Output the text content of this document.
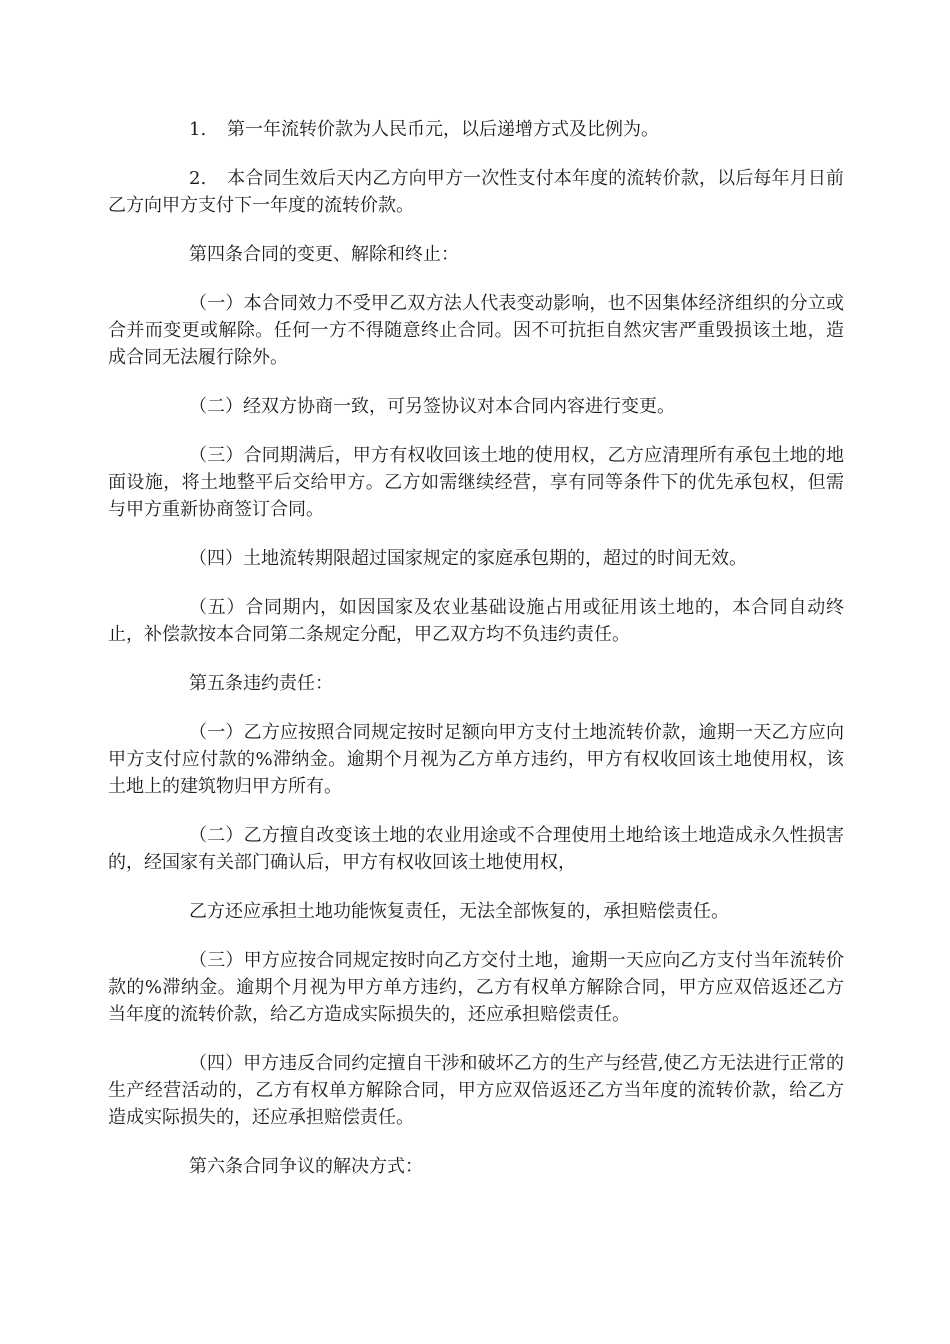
1. 第一年流转价款为人民币元，以后递增方式及比例为。

2. 本合同生效后天内乙方向甲方一次性支付本年度的流转价款，以后每年月日前乙方向甲方支付下一年度的流转价款。

第四条合同的变更、解除和终止：

（一）本合同效力不受甲乙双方法人代表变动影响，也不因集体经济组织的分立或合并而变更或解除。任何一方不得随意终止合同。因不可抗拒自然灾害严重毁损该土地，造成合同无法履行除外。

（二）经双方协商一致，可另签协议对本合同内容进行变更。

（三）合同期满后，甲方有权收回该土地的使用权，乙方应清理所有承包土地的地面设施，将土地整平后交给甲方。乙方如需继续经营，享有同等条件下的优先承包权，但需与甲方重新协商签订合同。

（四）土地流转期限超过国家规定的家庭承包期的，超过的时间无效。

（五）合同期内，如因国家及农业基础设施占用或征用该土地的，本合同自动终止，补偿款按本合同第二条规定分配，甲乙双方均不负违约责任。

第五条违约责任：

（一）乙方应按照合同规定按时足额向甲方支付土地流转价款，逾期一天乙方应向甲方支付应付款的%滞纳金。逾期个月视为乙方单方违约，甲方有权收回该土地使用权，该土地上的建筑物归甲方所有。

（二）乙方擅自改变该土地的农业用途或不合理使用土地给该土地造成永久性损害的，经国家有关部门确认后，甲方有权收回该土地使用权，

乙方还应承担土地功能恢复责任，无法全部恢复的，承担赔偿责任。

（三）甲方应按合同规定按时向乙方交付土地，逾期一天应向乙方支付当年流转价款的%滞纳金。逾期个月视为甲方单方违约，乙方有权单方解除合同，甲方应双倍返还乙方当年度的流转价款，给乙方造成实际损失的，还应承担赔偿责任。

（四）甲方违反合同约定擅自干涉和破坏乙方的生产与经营,使乙方无法进行正常的生产经营活动的，乙方有权单方解除合同，甲方应双倍返还乙方当年度的流转价款，给乙方造成实际损失的，还应承担赔偿责任。

第六条合同争议的解决方式：
